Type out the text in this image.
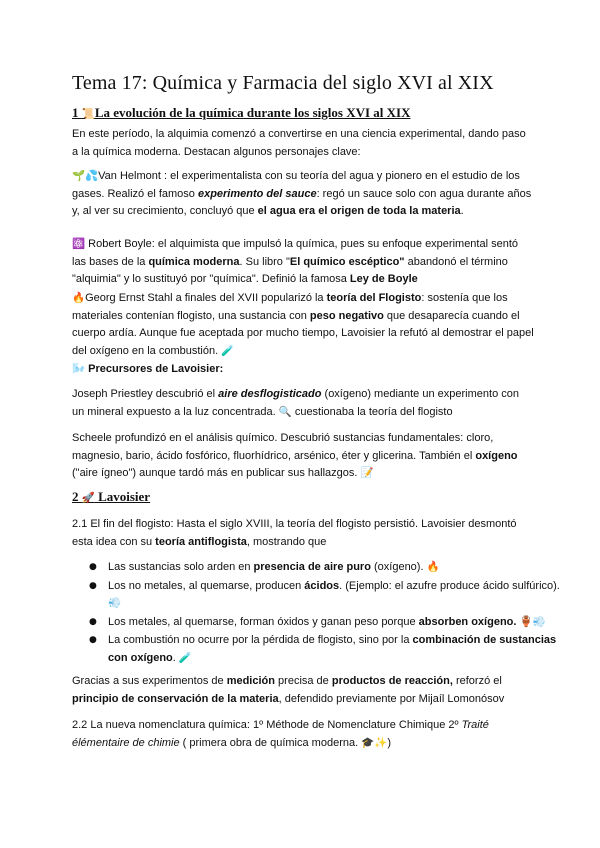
Tema 17: Química y Farmacia del siglo XVI al XIX
1 📜La evolución de la química durante los siglos XVI al XIX

En este período, la alquimia comenzó a convertirse en una ciencia experimental, dando paso a la química moderna. Destacan algunos personajes clave:

🌱💦Van Helmont : el experimentalista con su teoría del agua y pionero en el estudio de los gases. Realizó el famoso experimento del sauce: regó un sauce solo con agua durante años y, al ver su crecimiento, concluyó que el agua era el origen de toda la materia.

⚛️ Robert Boyle: el alquimista que impulsó la química, pues su enfoque experimental sentó las bases de la química moderna. Su libro "El químico escéptico" abandonó el término "alquimia" y lo sustituyó por "química". Definió la famosa Ley de Boyle

🔥Georg Ernst Stahl a finales del XVII popularizó la teoría del Flogisto: sostenía que los materiales contenían flogisto, una sustancia con peso negativo que desaparecía cuando el cuerpo ardía. Aunque fue aceptada por mucho tiempo, Lavoisier la refutó al demostrar el papel del oxígeno en la combustión. 🧪

🌬️ Precursores de Lavoisier:

Joseph Priestley descubrió el aire desflogisticado (oxígeno) mediante un experimento con un mineral expuesto a la luz concentrada. 🔍 cuestionaba la teoría del flogisto

Scheele profundizó en el análisis químico. Descubrió sustancias fundamentales: cloro, magnesio, bario, ácido fosfórico, fluorhídrico, arsénico, éter y glicerina. También el oxígeno ("aire ígneo") aunque tardó más en publicar sus hallazgos. 📝

2 🚀 Lavoisier

2.1 El fin del flogisto: Hasta el siglo XVIII, la teoría del flogisto persistió. Lavoisier desmontó esta idea con su teoría antiflogista, mostrando que

● Las sustancias solo arden en presencia de aire puro (oxígeno). 🔥
● Los no metales, al quemarse, producen ácidos. (Ejemplo: el azufre produce ácido sulfúrico). 💨
● Los metales, al quemarse, forman óxidos y ganan peso porque absorben oxígeno. 🏺💨
● La combustión no ocurre por la pérdida de flogisto, sino por la combinación de sustancias con oxígeno. 🧪

Gracias a sus experimentos de medición precisa de productos de reacción, reforzó el principio de conservación de la materia, defendido previamente por Mijaíl Lomonósov

2.2 La nueva nomenclatura química: 1º Méthode de Nomenclature Chimique 2º Traité élémentaire de chimie ( primera obra de química moderna. 🎓✨)
